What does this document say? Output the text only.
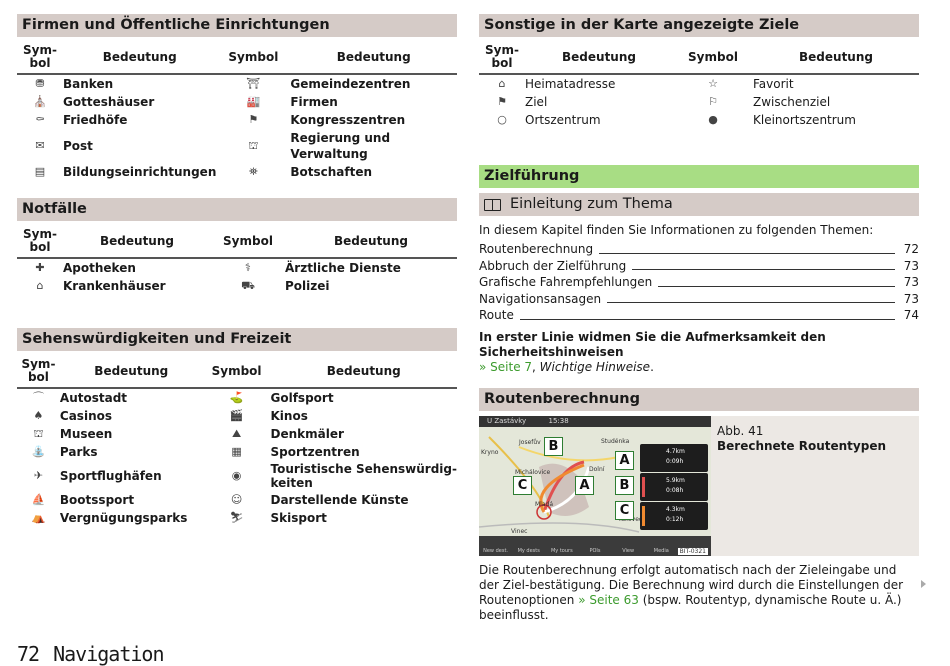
Firmen und Öffentliche Einrichtungen
Sym-
bol	Bedeutung	Symbol	Bedeutung
⛃	Banken	⛩	Gemeindezentren
⛪	Gotteshäuser	🏭	Firmen
⚰	Friedhöfe	⚑	Kongresszentren
✉	Post	⛫	Regierung und Verwaltung
▤	Bildungseinrichtungen	⛯	Botschaften
Notfälle
Sym-
bol	Bedeutung	Symbol	Bedeutung
✚	Apotheken	⚕	Ärztliche Dienste
⌂	Krankenhäuser	⛟	Polizei
Sehenswürdigkeiten und Freizeit
Sym-
bol	Bedeutung	Symbol	Bedeutung
⌒	Autostadt	⛳	Golfsport
♠	Casinos	🎬	Kinos
⛫	Museen	⛰	Denkmäler
⛲	Parks	▦	Sportzentren
✈	Sportflughäfen	◉	Touristische Sehenswürdig-
keiten
⛵	Bootssport	☺	Darstellende Künste
⛺	Vergnügungsparks	⛷	Skisport
Sonstige in der Karte angezeigte Ziele
Sym-
bol	Bedeutung	Symbol	Bedeutung
⌂	Heimatadresse	☆	Favorit
⚑	Ziel	⚐	Zwischenziel
○	Ortszentrum	●	Kleinortszentrum
Zielführung
Einleitung zum Thema

In diesem Kapitel finden Sie Informationen zu folgenden Themen:

Routenberechnung	72
Abbruch der Zielführung	73
Grafische Fahrempfehlungen	73
Navigationsansagen	73
Route	74

In erster Linie widmen Sie die Aufmerksamkeit den Sicherheitshinweisen
» Seite 7, Wichtige Hinweise.

Routenberechnung
U Zastávky	15:38
Kryno
Josefův	Studénka
Michálovice	Dolní
Mladá
Vinec
4.7km
0:09h
5.9km
0:08h
4.3km
0:12h
B
A
C	A	B
C
New dest.	My dests	My tours	POIs	View	Media	BIT-0321
Abb. 41
Berechnete Routentypen

Die Routenberechnung erfolgt automatisch nach der Zieleingabe und der Ziel-bestätigung. Die Berechnung wird durch die Einstellungen der Routenoptionen » Seite 63 (bspw. Routentyp, dynamische Route u. Ä.) beeinflusst.

72 Navigation
